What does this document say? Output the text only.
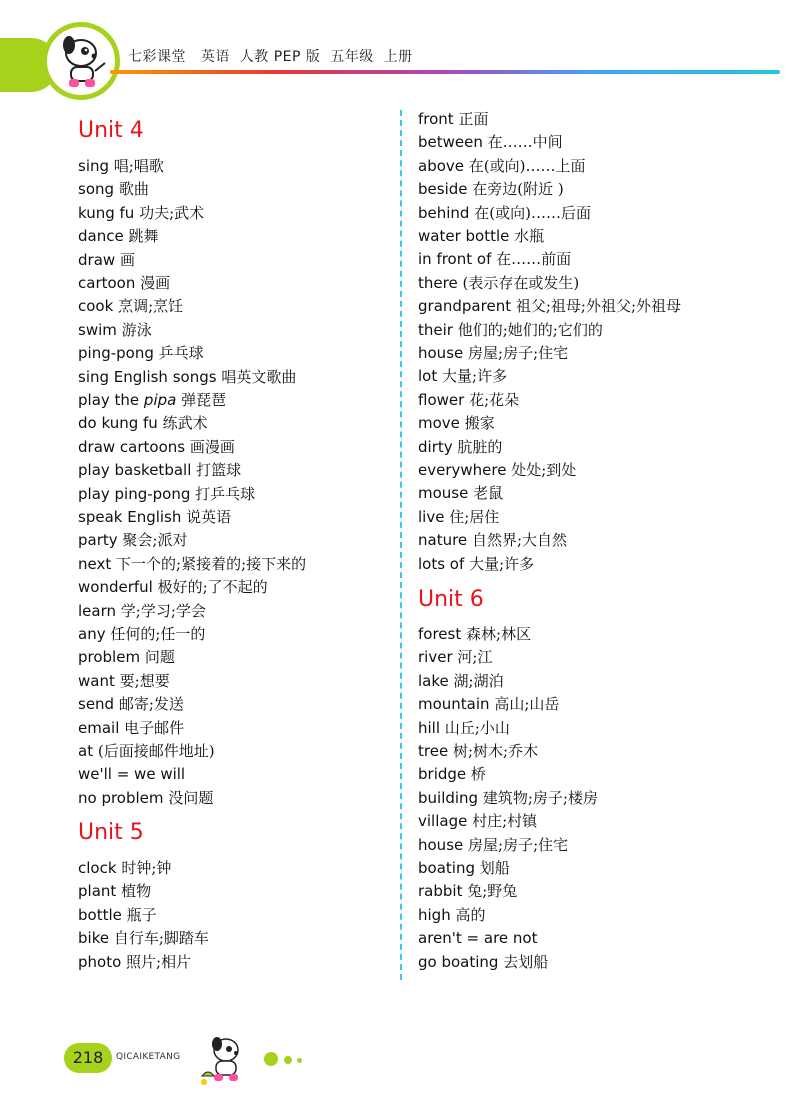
七彩课堂   英语  人教 PEP 版  五年级  上册
Unit 4
sing 唱;唱歌
song 歌曲
kung fu 功夫;武术
dance 跳舞
draw 画
cartoon 漫画
cook 烹调;烹饪
swim 游泳
ping-pong 乒乓球
sing English songs 唱英文歌曲
play the pipa 弹琵琶
do kung fu 练武术
draw cartoons 画漫画
play basketball 打篮球
play ping-pong 打乒乓球
speak English 说英语
party 聚会;派对
next 下一个的;紧接着的;接下来的
wonderful 极好的;了不起的
learn 学;学习;学会
any 任何的;任一的
problem 问题
want 要;想要
send 邮寄;发送
email 电子邮件
at (后面接邮件地址)
we'll = we will
no problem 没问题
Unit 5
clock 时钟;钟
plant 植物
bottle 瓶子
bike 自行车;脚踏车
photo 照片;相片
front 正面
between 在……中间
above 在(或向)……上面
beside 在旁边(附近 )
behind 在(或向)……后面
water bottle 水瓶
in front of 在……前面
there (表示存在或发生)
grandparent 祖父;祖母;外祖父;外祖母
their 他们的;她们的;它们的
house 房屋;房子;住宅
lot 大量;许多
flower 花;花朵
move 搬家
dirty 肮脏的
everywhere 处处;到处
mouse 老鼠
live 住;居住
nature 自然界;大自然
lots of 大量;许多
Unit 6
forest 森林;林区
river 河;江
lake 湖;湖泊
mountain 高山;山岳
hill 山丘;小山
tree 树;树木;乔木
bridge 桥
building 建筑物;房子;楼房
village 村庄;村镇
house 房屋;房子;住宅
boating 划船
rabbit 兔;野兔
high 高的
aren't = are not
go boating 去划船
218	QICAIKETANG
